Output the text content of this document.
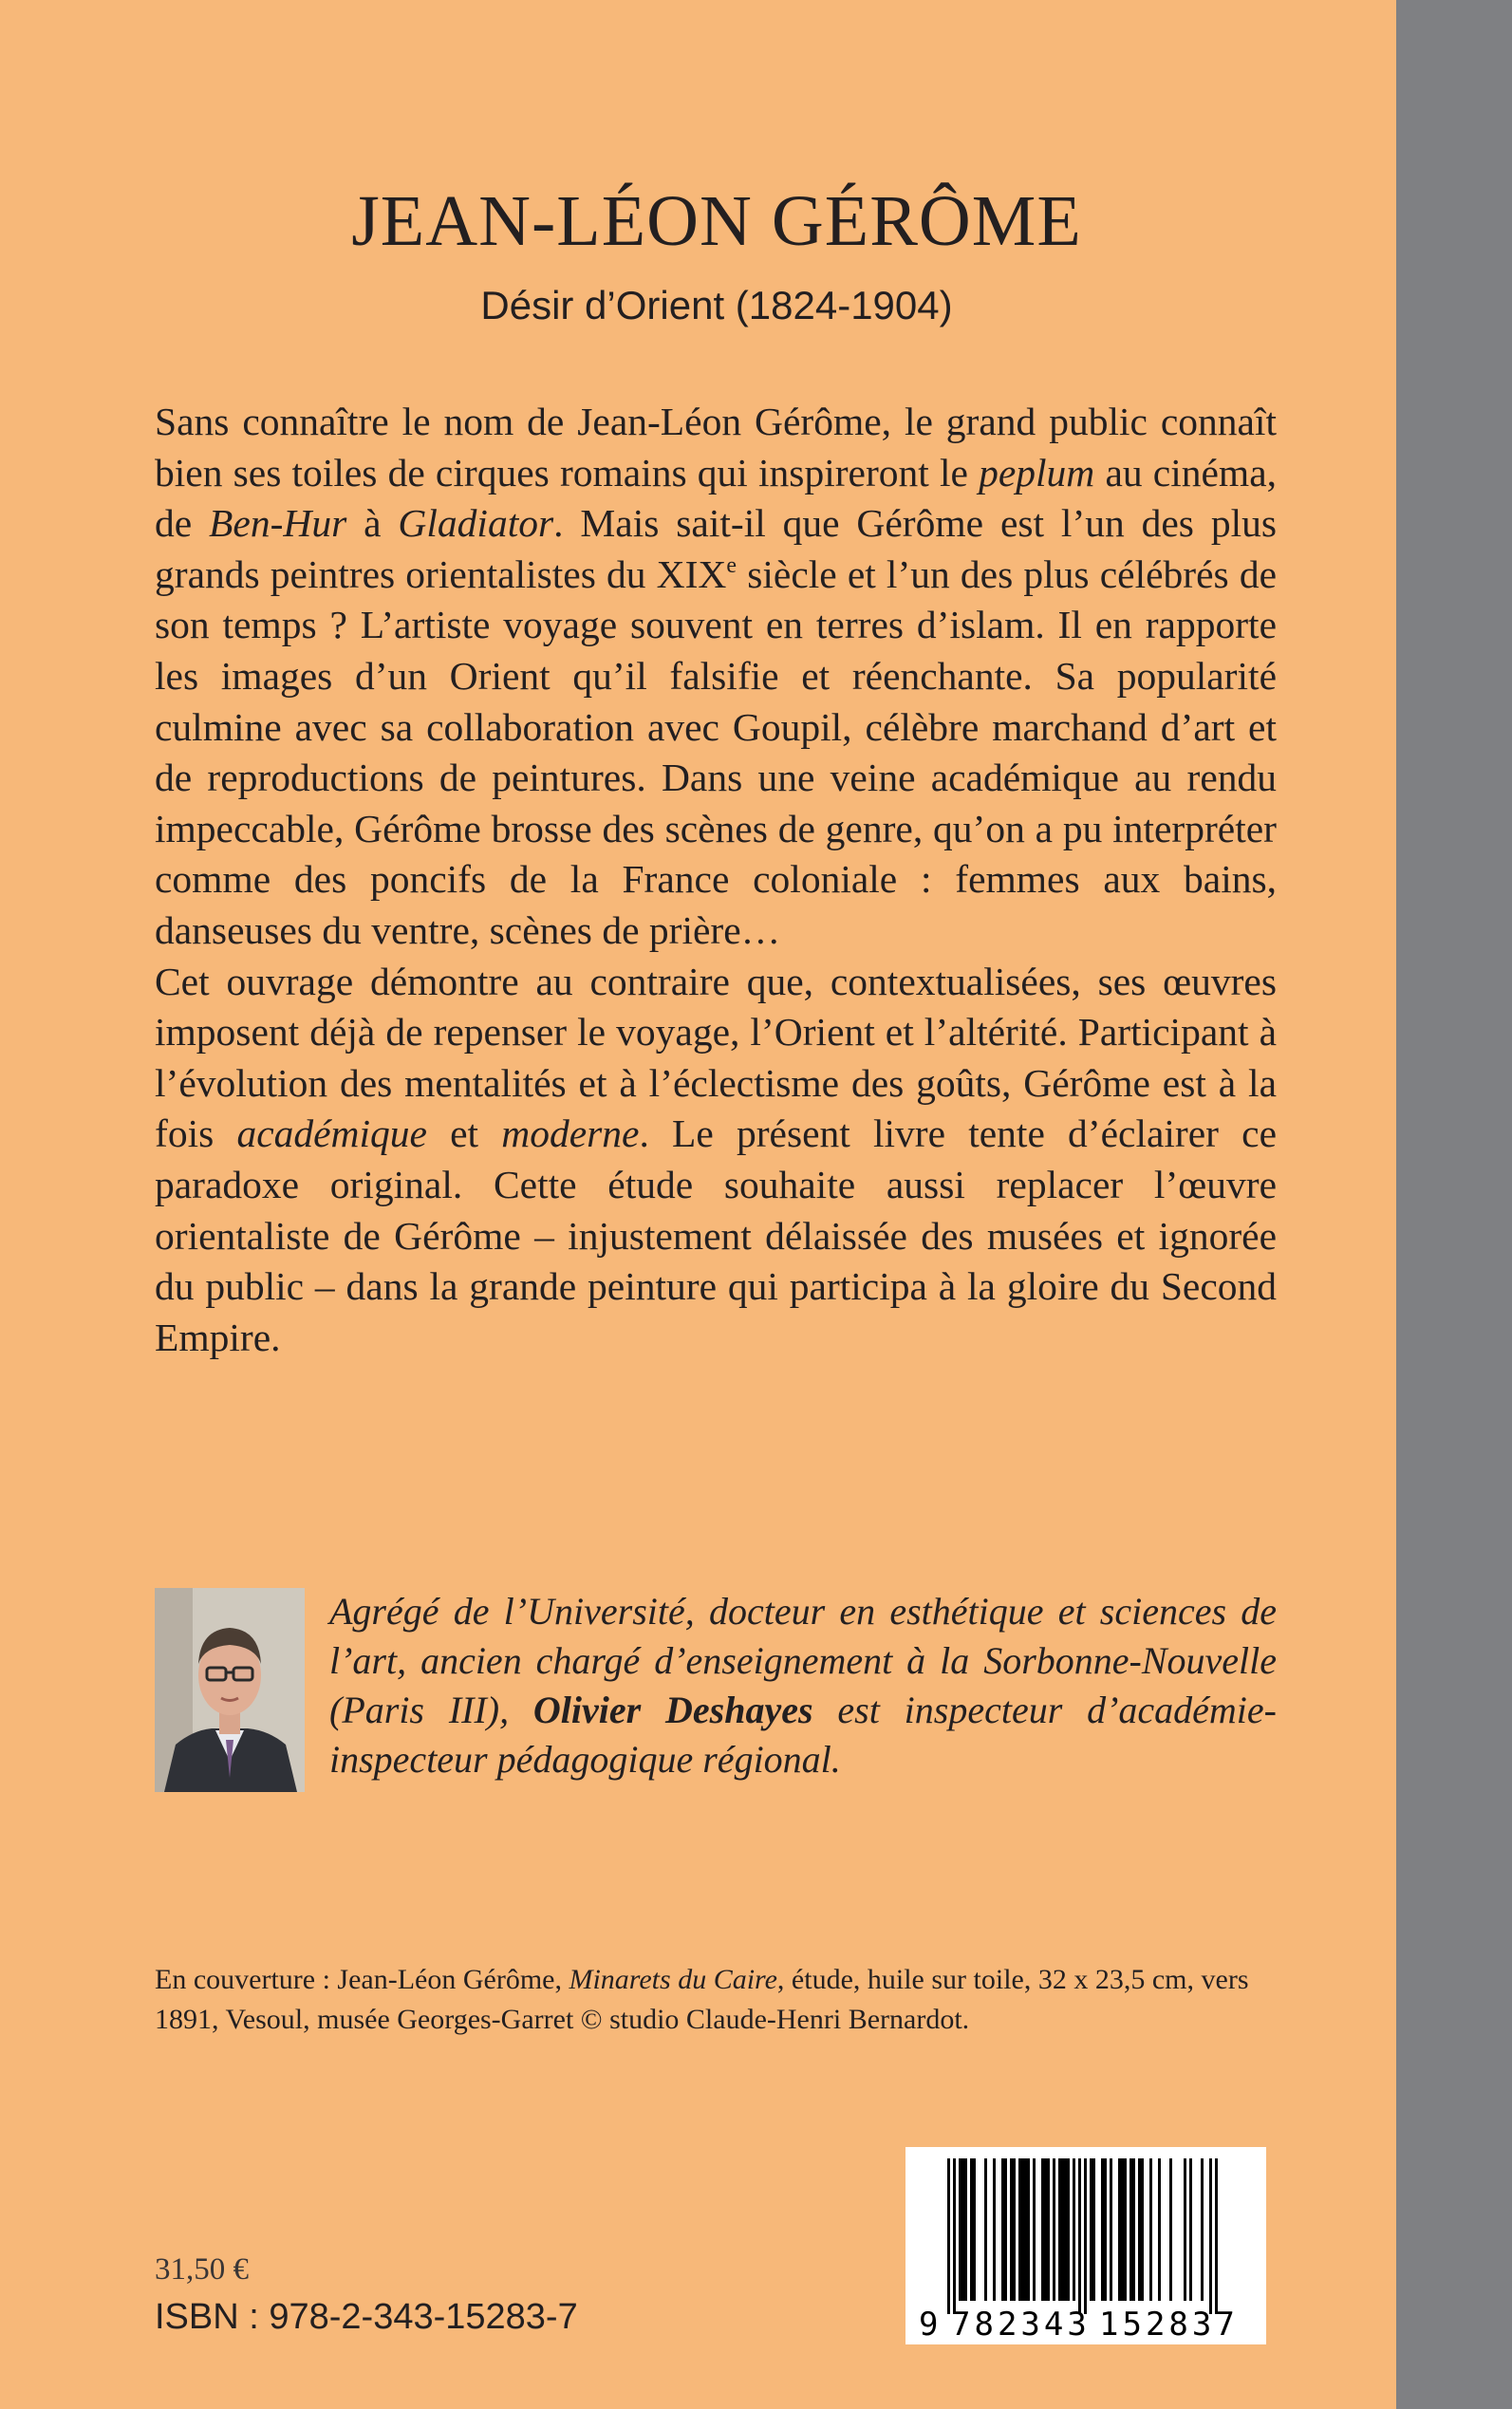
JEAN-LÉON GÉRÔME
Désir d’Orient (1824-1904)

Sans connaître le nom de Jean-Léon Gérôme, le grand public connaît bien ses toiles de cirques romains qui inspireront le peplum au cinéma, de Ben-Hur à Gladiator. Mais sait-il que Gérôme est l’un des plus grands peintres orientalistes du XIXe siècle et l’un des plus célébrés de son temps ? L’artiste voyage souvent en terres d’islam. Il en rapporte les images d’un Orient qu’il falsifie et réenchante. Sa popularité culmine avec sa collaboration avec Goupil, célèbre marchand d’art et de reproductions de peintures. Dans une veine académique au rendu impeccable, Gérôme brosse des scènes de genre, qu’on a pu interpréter comme des poncifs de la France coloniale : femmes aux bains, danseuses du ventre, scènes de prière…

Cet ouvrage démontre au contraire que, contextualisées, ses œuvres imposent déjà de repenser le voyage, l’Orient et l’altérité. Participant à l’évolution des mentalités et à l’éclectisme des goûts, Gérôme est à la fois académique et moderne. Le présent livre tente d’éclairer ce paradoxe original. Cette étude souhaite aussi replacer l’œuvre orientaliste de Gérôme – injustement délaissée des musées et ignorée du public – dans la grande peinture qui participa à la gloire du Second Empire.

Agrégé de l’Université, docteur en esthétique et sciences de l’art, ancien chargé d’enseignement à la Sorbonne-Nouvelle (Paris III), Olivier Deshayes est inspecteur d’académie-inspecteur pédagogique régional.

En couverture : Jean-Léon Gérôme, Minarets du Caire, étude, huile sur toile, 32 x 23,5 cm, vers 1891, Vesoul, musée Georges-Garret © studio Claude-Henri Bernardot.

31,50 €
ISBN : 978-2-343-15283-7	9 782343 152837
